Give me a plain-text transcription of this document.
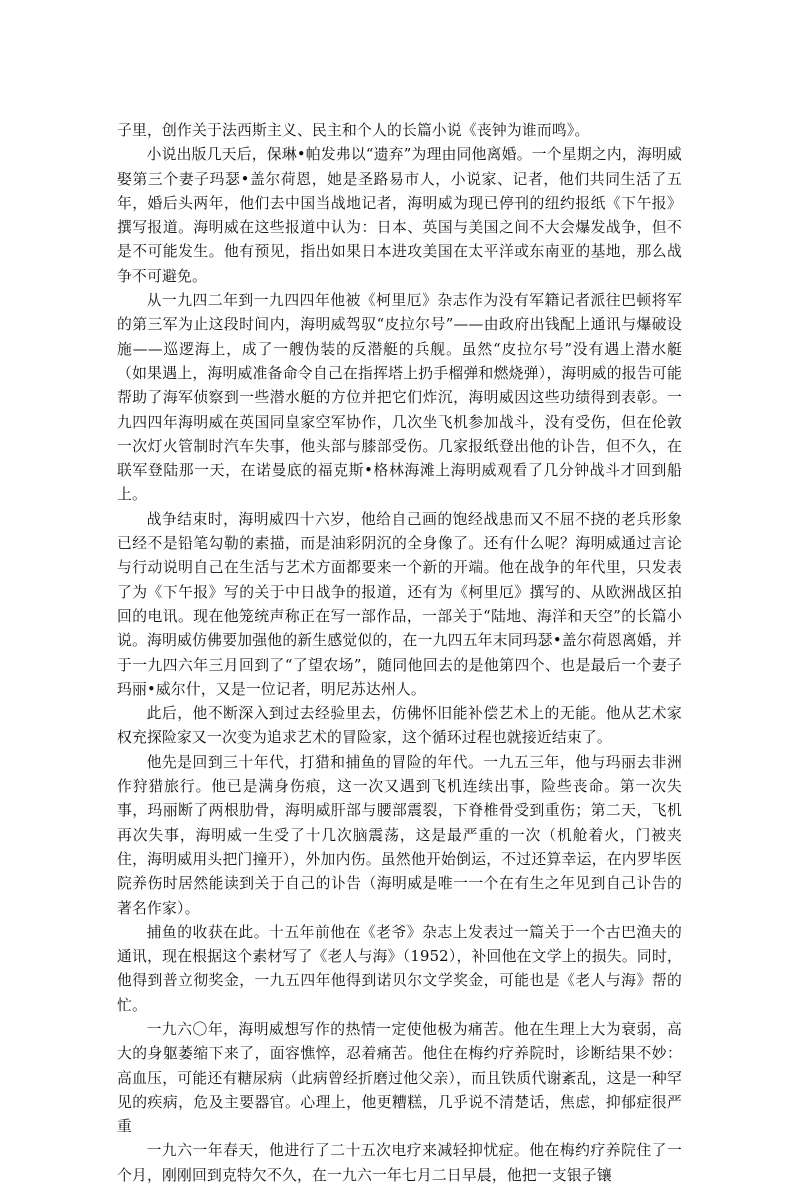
子里，创作关于法西斯主义、民主和个人的长篇小说《丧钟为谁而鸣》。

小说出版几天后，保琳•帕发弗以“遗弃”为理由同他离婚。一个星期之内，海明威娶第三个妻子玛瑟•盖尔荷恩，她是圣路易市人，小说家、记者，他们共同生活了五年，婚后头两年，他们去中国当战地记者，海明威为现已停刊的纽约报纸《下午报》撰写报道。海明威在这些报道中认为：日本、英国与美国之间不大会爆发战争，但不是不可能发生。他有预见，指出如果日本进攻美国在太平洋或东南亚的基地，那么战争不可避免。

从一九四二年到一九四四年他被《柯里厄》杂志作为没有军籍记者派往巴顿将军的第三军为止这段时间内，海明威驾驭“皮拉尔号”——由政府出钱配上通讯与爆破设施——巡逻海上，成了一艘伪装的反潜艇的兵舰。虽然“皮拉尔号”没有遇上潜水艇（如果遇上，海明威准备命令自己在指挥塔上扔手榴弹和燃烧弹），海明威的报告可能帮助了海军侦察到一些潜水艇的方位并把它们炸沉，海明威因这些功绩得到表彰。一九四四年海明威在英国同皇家空军协作，几次坐飞机参加战斗，没有受伤，但在伦敦一次灯火管制时汽车失事，他头部与膝部受伤。几家报纸登出他的讣告，但不久，在联军登陆那一天，在诺曼底的福克斯•格林海滩上海明威观看了几分钟战斗才回到船上。

战争结束时，海明威四十六岁，他给自己画的饱经战患而又不屈不挠的老兵形象已经不是铅笔勾勒的素描，而是油彩阴沉的全身像了。还有什么呢？海明威通过言论与行动说明自己在生活与艺术方面都要来一个新的开端。他在战争的年代里，只发表了为《下午报》写的关于中日战争的报道，还有为《柯里厄》撰写的、从欧洲战区拍回的电讯。现在他笼统声称正在写一部作品，一部关于“陆地、海洋和天空”的长篇小说。海明威仿佛要加强他的新生感觉似的，在一九四五年末同玛瑟•盖尔荷恩离婚，并于一九四六年三月回到了“了望农场”，随同他回去的是他第四个、也是最后一个妻子玛丽•威尔什，又是一位记者，明尼苏达州人。

此后，他不断深入到过去经验里去，仿佛怀旧能补偿艺术上的无能。他从艺术家权充探险家又一次变为追求艺术的冒险家，这个循环过程也就接近结束了。

他先是回到三十年代，打猎和捕鱼的冒险的年代。一九五三年，他与玛丽去非洲作狩猎旅行。他已是满身伤痕，这一次又遇到飞机连续出事，险些丧命。第一次失事，玛丽断了两根肋骨，海明威肝部与腰部震裂，下脊椎骨受到重伤；第二天，飞机再次失事，海明威一生受了十几次脑震荡，这是最严重的一次（机舱着火，门被夹住，海明威用头把门撞开），外加内伤。虽然他开始倒运，不过还算幸运，在内罗毕医院养伤时居然能读到关于自己的讣告（海明威是唯一一个在有生之年见到自己讣告的著名作家）。

捕鱼的收获在此。十五年前他在《老爷》杂志上发表过一篇关于一个古巴渔夫的通讯，现在根据这个素材写了《老人与海》（1952），补回他在文学上的损失。同时，他得到普立彻奖金，一九五四年他得到诺贝尔文学奖金，可能也是《老人与海》帮的忙。

一九六〇年，海明威想写作的热情一定使他极为痛苦。他在生理上大为衰弱，高大的身躯萎缩下来了，面容憔悴，忍着痛苦。他住在梅约疗养院时，诊断结果不妙：高血压，可能还有糖尿病（此病曾经折磨过他父亲），而且铁质代谢紊乱，这是一种罕见的疾病，危及主要器官。心理上，他更糟糕，几乎说不清楚话，焦虑，抑郁症很严重

一九六一年春天，他进行了二十五次电疗来减轻抑忧症。他在梅约疗养院住了一个月，刚刚回到克特欠不久，在一九六一年七月二日早晨，他把一支银子镶
